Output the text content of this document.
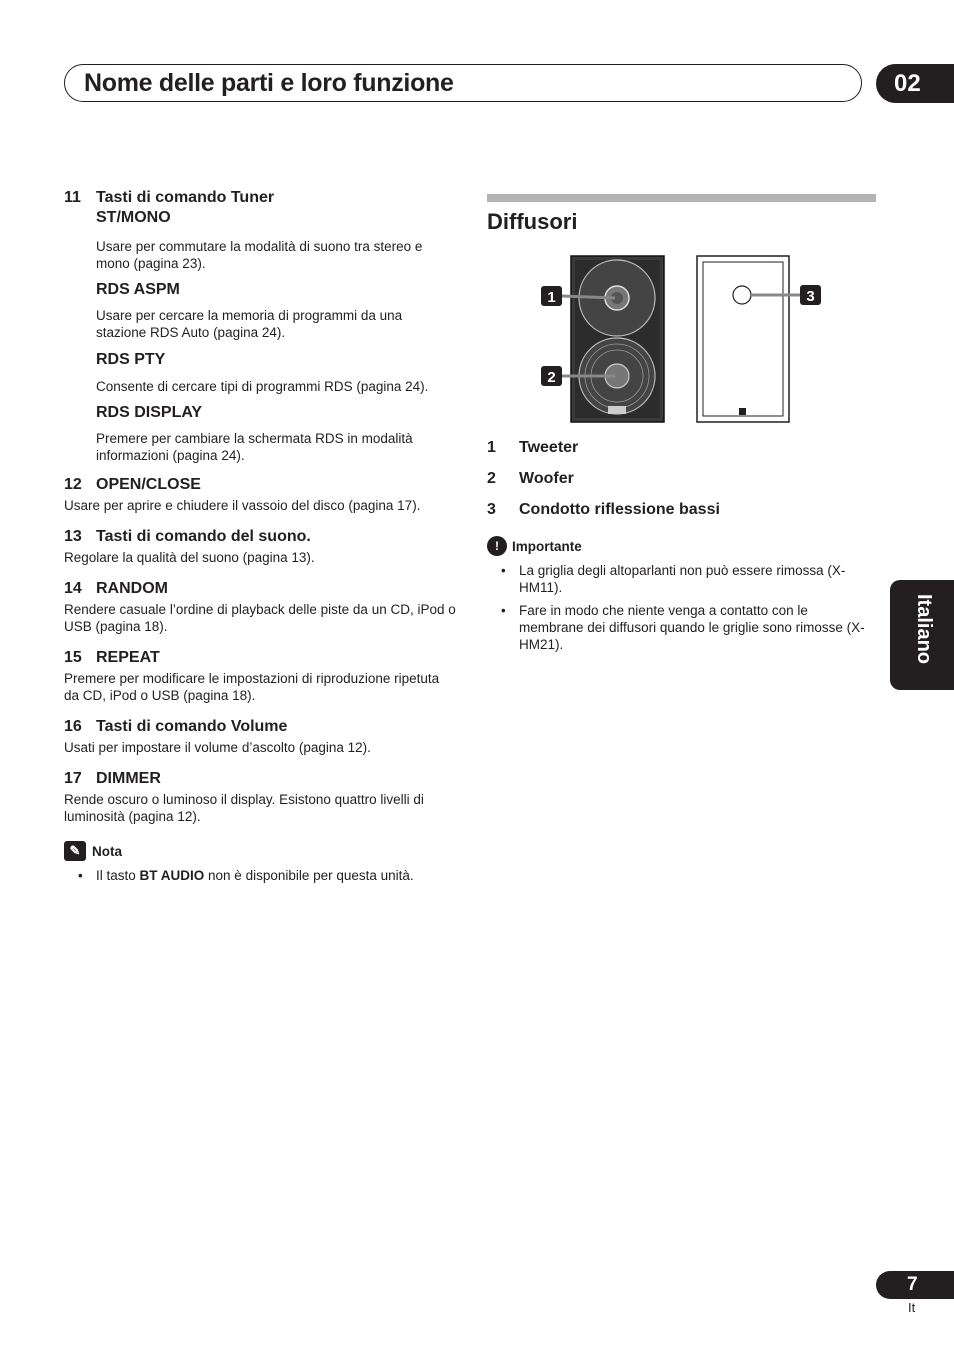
Nome delle parti e loro funzione	02
11 Tasti di comando Tuner
ST/MONO
Usare per commutare la modalità di suono tra stereo e mono (pagina 23).
RDS ASPM
Usare per cercare la memoria di programmi da una stazione RDS Auto (pagina 24).
RDS PTY
Consente di cercare tipi di programmi RDS (pagina 24).
RDS DISPLAY
Premere per cambiare la schermata RDS in modalità informazioni (pagina 24).
12 OPEN/CLOSE
Usare per aprire e chiudere il vassoio del disco (pagina 17).
13 Tasti di comando del suono.
Regolare la qualità del suono (pagina 13).
14 RANDOM
Rendere casuale l’ordine di playback delle piste da un CD, iPod o USB (pagina 18).
15 REPEAT
Premere per modificare le impostazioni di riproduzione ripetuta da CD, iPod o USB (pagina 18).
16 Tasti di comando Volume
Usati per impostare il volume d’ascolto (pagina 12).
17 DIMMER
Rende oscuro o luminoso il display. Esistono quattro livelli di luminosità (pagina 12).
✎ Nota
• Il tasto BT AUDIO non è disponibile per questa unità.
Diffusori
1
2
3
1 Tweeter
2 Woofer
3 Condotto riflessione bassi
! Importante
• La griglia degli altoparlanti non può essere rimossa (X-HM11).
• Fare in modo che niente venga a contatto con le membrane dei diffusori quando le griglie sono rimosse (X-HM21).	Italiano
7
It
